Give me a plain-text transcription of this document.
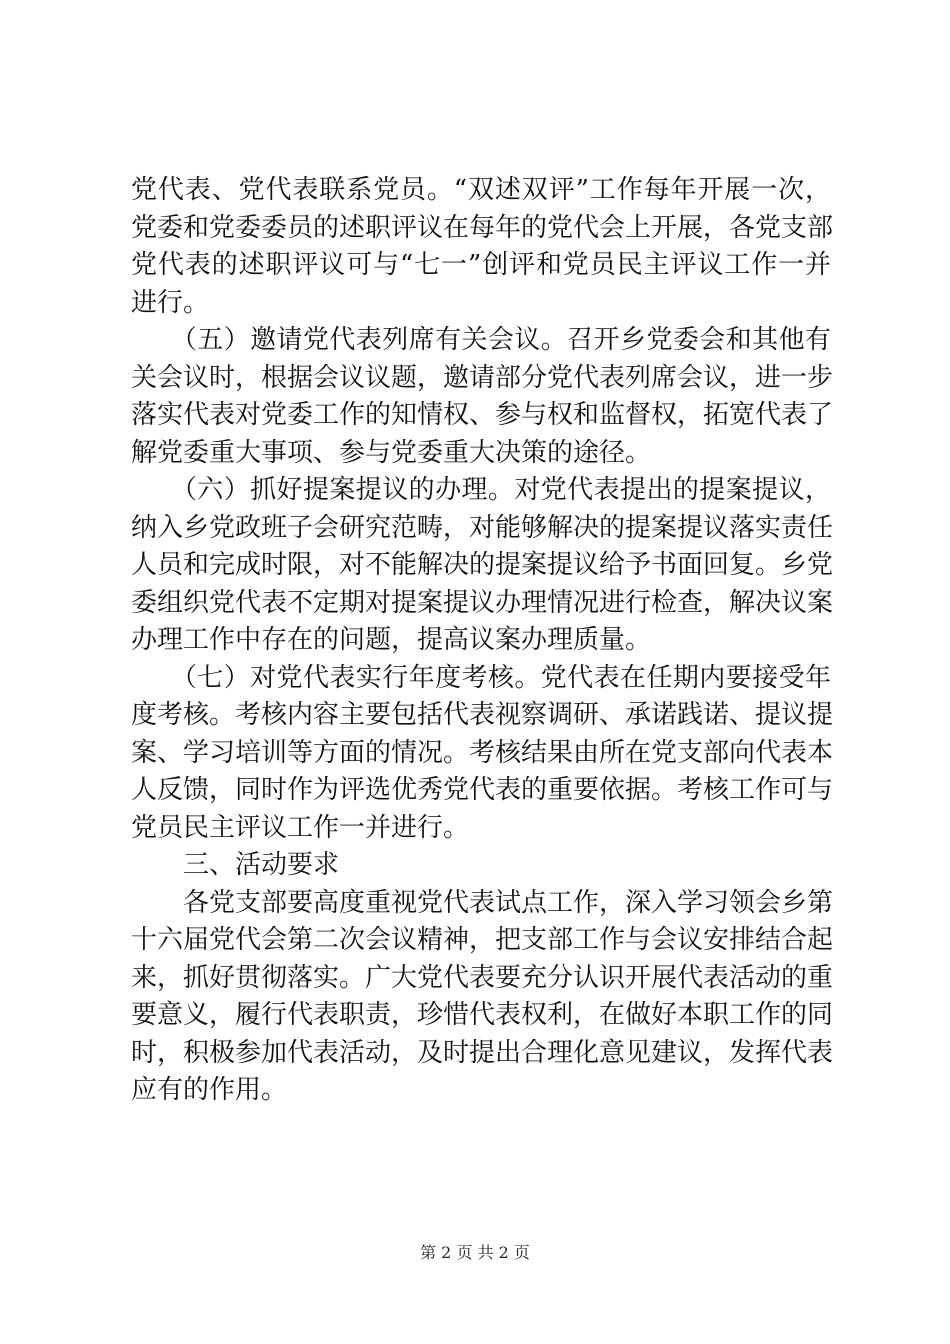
党代表、党代表联系党员。“双述双评”工作每年开展一次，
党委和党委委员的述职评议在每年的党代会上开展，各党支部
党代表的述职评议可与“七一”创评和党员民主评议工作一并
进行。
　　（五）邀请党代表列席有关会议。召开乡党委会和其他有
关会议时，根据会议议题，邀请部分党代表列席会议，进一步
落实代表对党委工作的知情权、参与权和监督权，拓宽代表了
解党委重大事项、参与党委重大决策的途径。
　　（六）抓好提案提议的办理。对党代表提出的提案提议，
纳入乡党政班子会研究范畴，对能够解决的提案提议落实责任
人员和完成时限，对不能解决的提案提议给予书面回复。乡党
委组织党代表不定期对提案提议办理情况进行检查，解决议案
办理工作中存在的问题，提高议案办理质量。
　　（七）对党代表实行年度考核。党代表在任期内要接受年
度考核。考核内容主要包括代表视察调研、承诺践诺、提议提
案、学习培训等方面的情况。考核结果由所在党支部向代表本
人反馈，同时作为评选优秀党代表的重要依据。考核工作可与
党员民主评议工作一并进行。
　　三、活动要求
　　各党支部要高度重视党代表试点工作，深入学习领会乡第
十六届党代会第二次会议精神，把支部工作与会议安排结合起
来，抓好贯彻落实。广大党代表要充分认识开展代表活动的重
要意义，履行代表职责，珍惜代表权利，在做好本职工作的同
时，积极参加代表活动，及时提出合理化意见建议，发挥代表
应有的作用。
第 2 页 共 2 页
